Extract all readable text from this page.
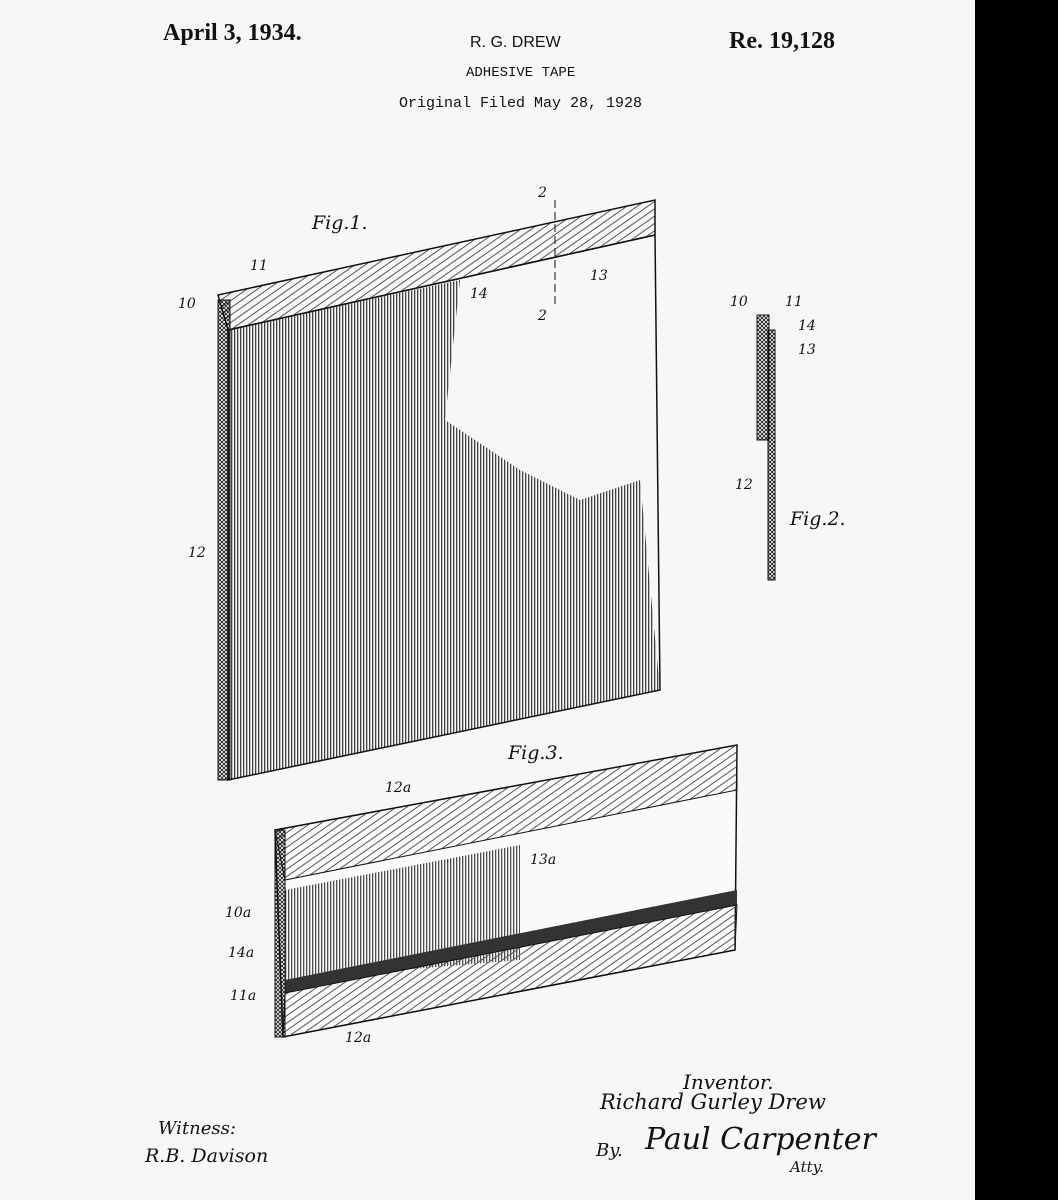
April 3, 1934.	R. G. DREW	Re. 19,128
ADHESIVE TAPE
Original Filed May 28, 1928
Fig.1.
10
11
12
13
14
2
2
Fig.2.
10	11
14
13
12
Fig.3.
12a
13a
10a
14a
11a
12a
Inventor.
Richard Gurley Drew
By. Paul Carpenter
Atty.
Witness:
R.B. Davison
